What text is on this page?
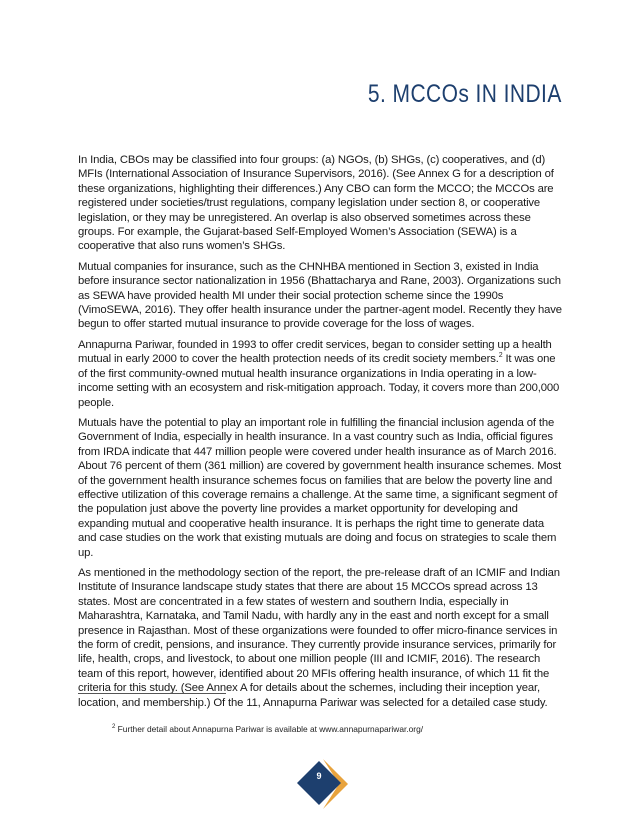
5. MCCOs IN INDIA

In India, CBOs may be classified into four groups: (a) NGOs, (b) SHGs, (c) cooperatives, and (d) MFIs (International Association of Insurance Supervisors, 2016). (See Annex G for a description of these organizations, highlighting their differences.) Any CBO can form the MCCO; the MCCOs are registered under societies/trust regulations, company legislation under section 8, or cooperative legislation, or they may be unregistered. An overlap is also observed sometimes across these groups. For example, the Gujarat-based Self-Employed Women’s Association (SEWA) is a cooperative that also runs women’s SHGs.

Mutual companies for insurance, such as the CHNHBA mentioned in Section 3, existed in India before insurance sector nationalization in 1956 (Bhattacharya and Rane, 2003). Organizations such as SEWA have provided health MI under their social protection scheme since the 1990s (VimoSEWA, 2016). They offer health insurance under the partner-agent model. Recently they have begun to offer started mutual insurance to provide coverage for the loss of wages.

Annapurna Pariwar, founded in 1993 to offer credit services, began to consider setting up a health mutual in early 2000 to cover the health protection needs of its credit society members.$^2$ It was one of the first community-owned mutual health insurance organizations in India operating in a low-income setting with an ecosystem and risk-mitigation approach. Today, it covers more than 200,000 people.

Mutuals have the potential to play an important role in fulfilling the financial inclusion agenda of the Government of India, especially in health insurance. In a vast country such as India, official figures from IRDA indicate that 447 million people were covered under health insurance as of March 2016. About 76 percent of them (361 million) are covered by government health insurance schemes. Most of the government health insurance schemes focus on families that are below the poverty line and effective utilization of this coverage remains a challenge. At the same time, a significant segment of the population just above the poverty line provides a market opportunity for developing and expanding mutual and cooperative health insurance. It is perhaps the right time to generate data and case studies on the work that existing mutuals are doing and focus on strategies to scale them up.

As mentioned in the methodology section of the report, the pre-release draft of an ICMIF and Indian Institute of Insurance landscape study states that there are about 15 MCCOs spread across 13 states. Most are concentrated in a few states of western and southern India, especially in Maharashtra, Karnataka, and Tamil Nadu, with hardly any in the east and north except for a small presence in Rajasthan. Most of these organizations were founded to offer micro-finance services in the form of credit, pensions, and insurance. They currently provide insurance services, primarily for life, health, crops, and livestock, to about one million people (III and ICMIF, 2016). The research team of this report, however, identified about 20 MFIs offering health insurance, of which 11 fit the criteria for this study. (See Annex A for details about the schemes, including their inception year, location, and membership.) Of the 11, Annapurna Pariwar was selected for a detailed case study.

$^2$ Further detail about Annapurna Pariwar is available at www.annapurnapariwar.org/
9
